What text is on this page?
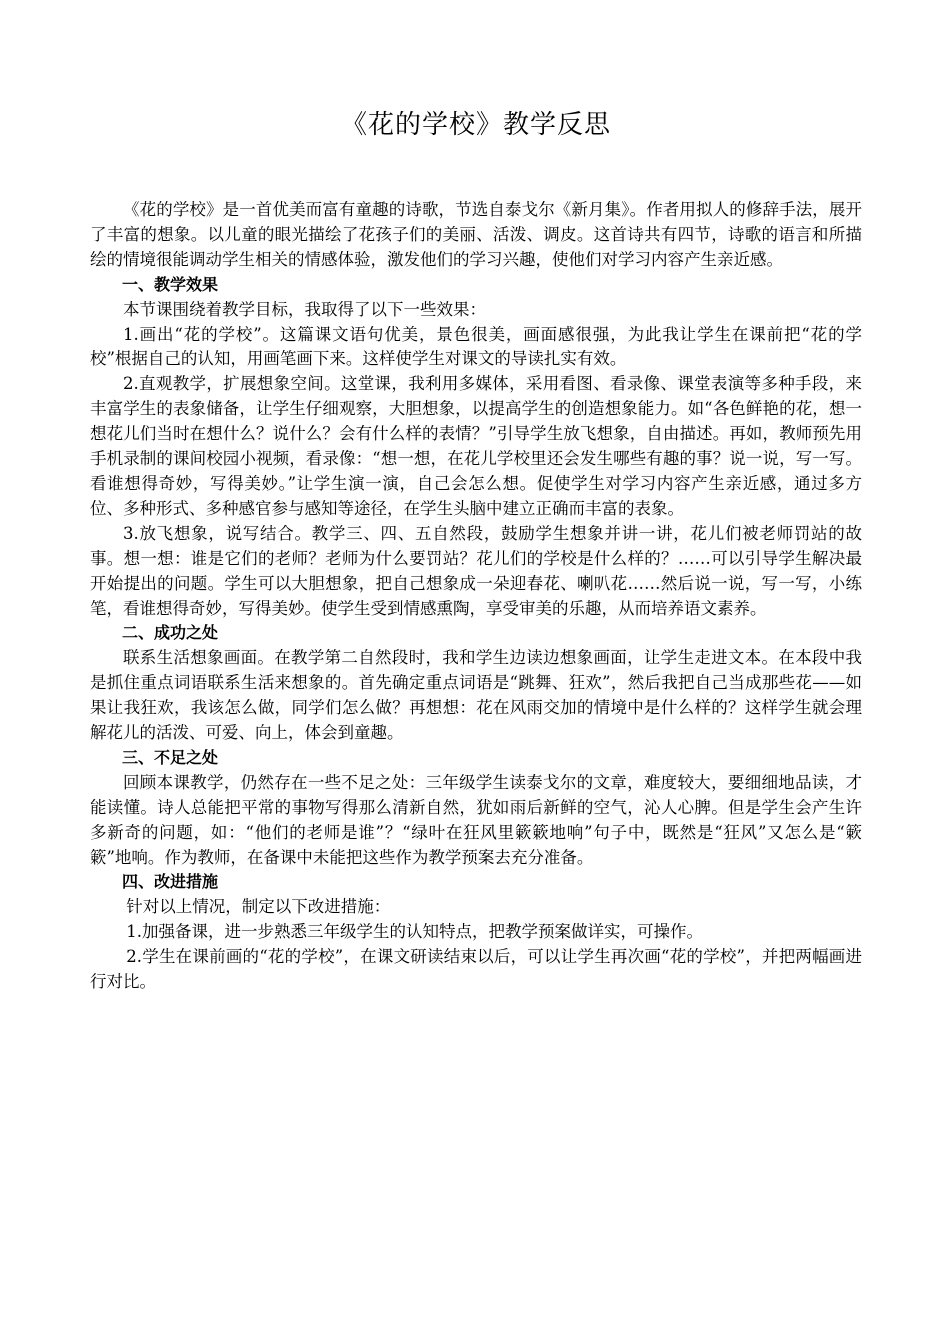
《花的学校》教学反思

《花的学校》是一首优美而富有童趣的诗歌，节选自泰戈尔《新月集》。作者用拟人的修辞手法，展开了丰富的想象。以儿童的眼光描绘了花孩子们的美丽、活泼、调皮。这首诗共有四节，诗歌的语言和所描绘的情境很能调动学生相关的情感体验，激发他们的学习兴趣，使他们对学习内容产生亲近感。

一、教学效果

本节课围绕着教学目标，我取得了以下一些效果：

1.画出“花的学校”。这篇课文语句优美，景色很美，画面感很强，为此我让学生在课前把“花的学校”根据自己的认知，用画笔画下来。这样使学生对课文的导读扎实有效。

2.直观教学，扩展想象空间。这堂课，我利用多媒体，采用看图、看录像、课堂表演等多种手段，来丰富学生的表象储备，让学生仔细观察，大胆想象，以提高学生的创造想象能力。如“各色鲜艳的花，想一想花儿们当时在想什么？说什么？会有什么样的表情？”引导学生放飞想象，自由描述。再如，教师预先用手机录制的课间校园小视频，看录像：“想一想，在花儿学校里还会发生哪些有趣的事？说一说，写一写。看谁想得奇妙，写得美妙。”让学生演一演，自己会怎么想。促使学生对学习内容产生亲近感，通过多方位、多种形式、多种感官参与感知等途径，在学生头脑中建立正确而丰富的表象。

3.放飞想象，说写结合。教学三、四、五自然段，鼓励学生想象并讲一讲，花儿们被老师罚站的故事。想一想：谁是它们的老师？老师为什么要罚站？花儿们的学校是什么样的？……可以引导学生解决最开始提出的问题。学生可以大胆想象，把自己想象成一朵迎春花、喇叭花……然后说一说，写一写，小练笔，看谁想得奇妙，写得美妙。使学生受到情感熏陶，享受审美的乐趣，从而培养语文素养。

二、成功之处

联系生活想象画面。在教学第二自然段时，我和学生边读边想象画面，让学生走进文本。在本段中我是抓住重点词语联系生活来想象的。首先确定重点词语是“跳舞、狂欢”，然后我把自己当成那些花——如果让我狂欢，我该怎么做，同学们怎么做？再想想：花在风雨交加的情境中是什么样的？这样学生就会理解花儿的活泼、可爱、向上，体会到童趣。

三、不足之处

回顾本课教学，仍然存在一些不足之处：三年级学生读泰戈尔的文章，难度较大，要细细地品读，才能读懂。诗人总能把平常的事物写得那么清新自然，犹如雨后新鲜的空气，沁人心脾。但是学生会产生许多新奇的问题，如：“他们的老师是谁”？“绿叶在狂风里簌簌地响”句子中，既然是“狂风”又怎么是“簌簌”地响。作为教师，在备课中未能把这些作为教学预案去充分准备。

四、改进措施

针对以上情况，制定以下改进措施：

1.加强备课，进一步熟悉三年级学生的认知特点，把教学预案做详实，可操作。

2.学生在课前画的“花的学校”，在课文研读结束以后，可以让学生再次画“花的学校”，并把两幅画进行对比。
